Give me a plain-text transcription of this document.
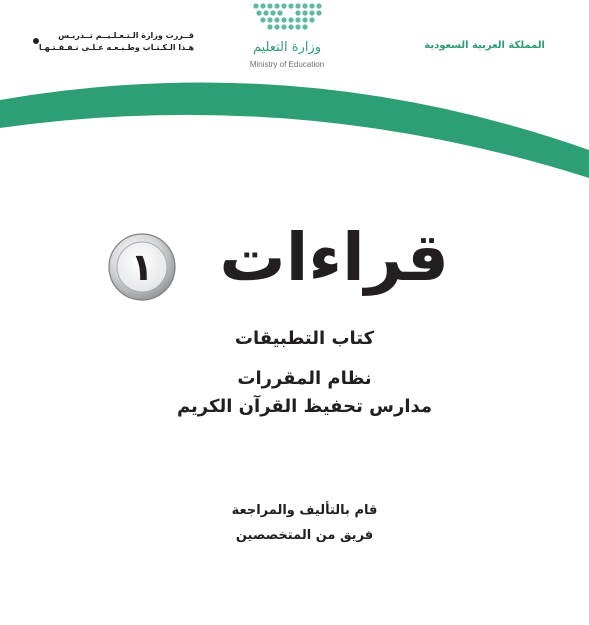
المملكة العربية السعودية
وزارة التعليم
Ministry of Education
قــررت وزارة الـتـعـلـيــم تــدريـس
هـذا الـكـتـاب وطـبـعـه عـلـى نـفـقـتـهـا
قراءات
١
كتاب التطبيقات
نظام المقررات
مدارس تحفيظ القرآن الكريم
قام بالتأليف والمراجعة
فريق من المتخصصين
